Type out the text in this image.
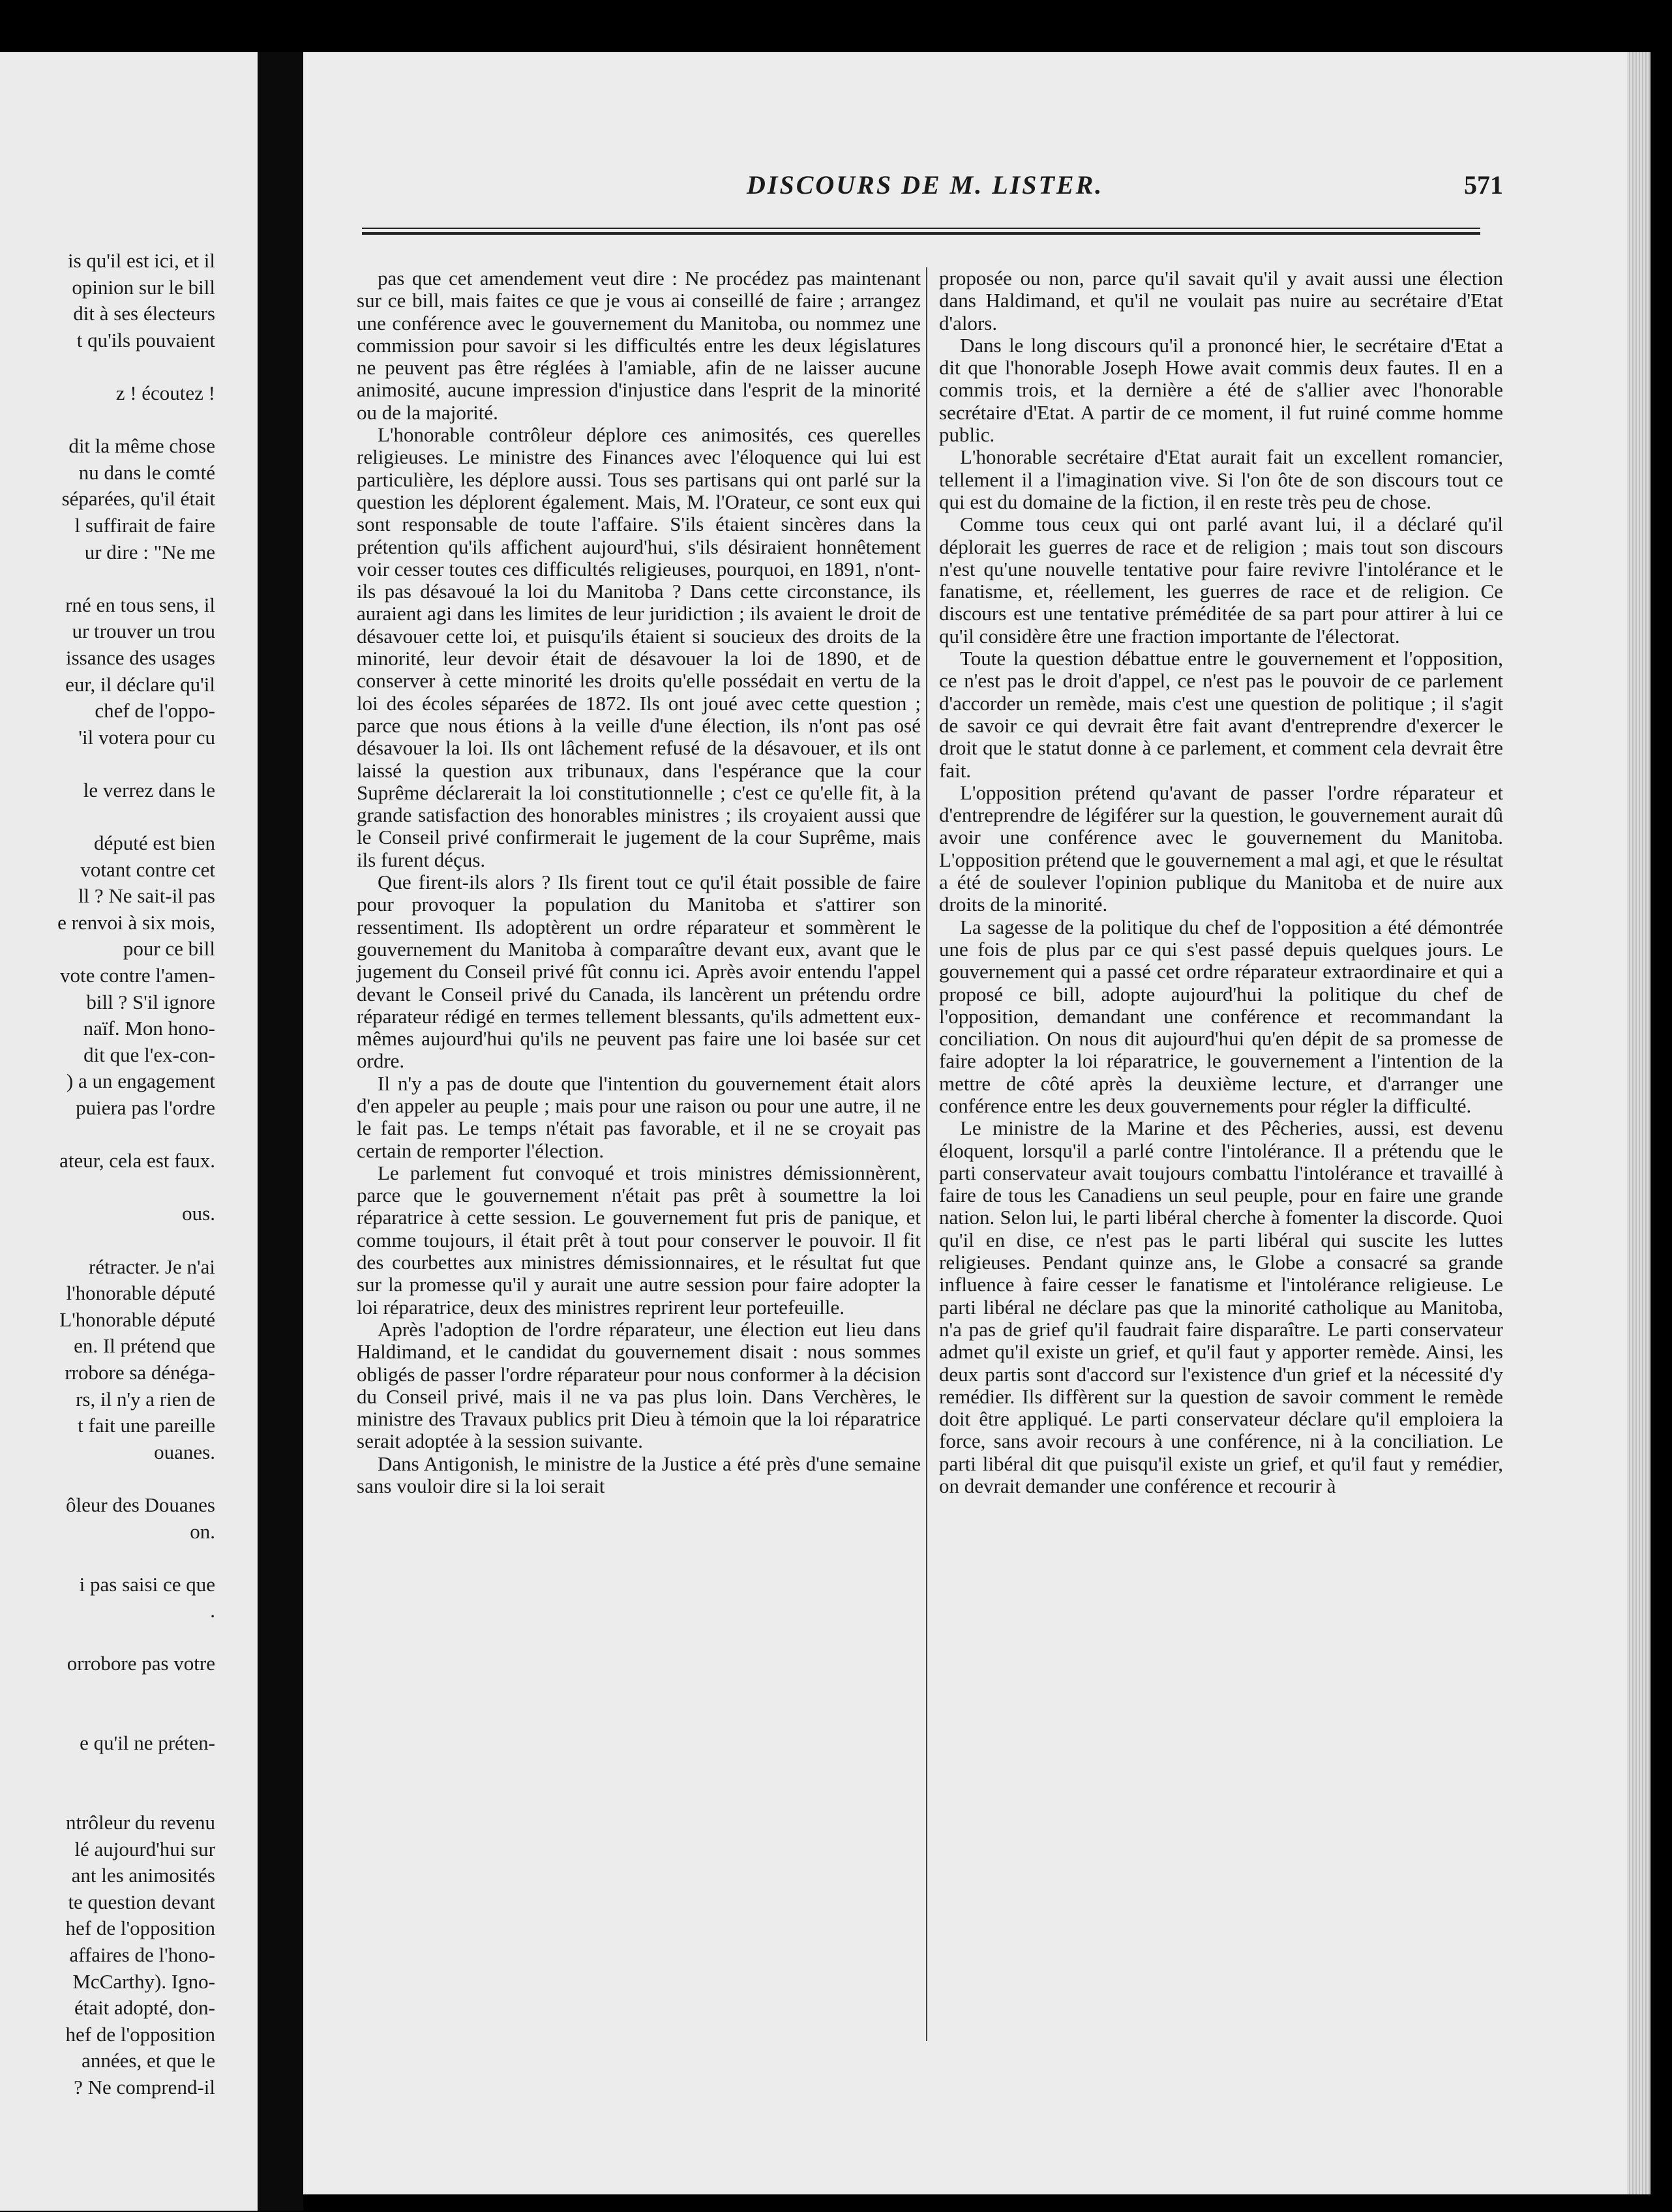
is qu'il est ici, et il
opinion sur le bill
dit à ses électeurs
t qu'ils pouvaient
z ! écoutez !
dit la même chose
nu dans le comté
séparées, qu'il était
l suffirait de faire
ur dire : "Ne me
rné en tous sens, il
ur trouver un trou
issance des usages
eur, il déclare qu'il
chef de l'oppo-
'il votera pour cu
le verrez dans le
député est bien
votant contre cet
ll ? Ne sait-il pas
e renvoi à six mois,
pour ce bill
vote contre l'amen-
bill ? S'il ignore
naïf. Mon hono-
dit que l'ex-con-
) a un engagement
puiera pas l'ordre
ateur, cela est faux.
ous.
rétracter. Je n'ai
l'honorable député
L'honorable député
en. Il prétend que
rrobore sa dénéga-
rs, il n'y a rien de
t fait une pareille
ouanes.
ôleur des Douanes
on.
i pas saisi ce que
.
orrobore pas votre
e qu'il ne préten-
ntrôleur du revenu
lé aujourd'hui sur
ant les animosités
te question devant
hef de l'opposition
affaires de l'hono-
McCarthy). Igno-
était adopté, don-
hef de l'opposition
années, et que le
? Ne comprend-il
DISCOURS DE M. LISTER.	571

pas que cet amendement veut dire : Ne procédez pas maintenant sur ce bill, mais faites ce que je vous ai conseillé de faire ; arrangez une conférence avec le gouvernement du Manitoba, ou nommez une commission pour savoir si les difficultés entre les deux législatures ne peuvent pas être réglées à l'amiable, afin de ne laisser aucune animosité, aucune impression d'injustice dans l'esprit de la minorité ou de la majorité.

L'honorable contrôleur déplore ces animosités, ces querelles religieuses. Le ministre des Finances avec l'éloquence qui lui est particulière, les déplore aussi. Tous ses partisans qui ont parlé sur la question les déplorent également. Mais, M. l'Orateur, ce sont eux qui sont responsable de toute l'affaire. S'ils étaient sincères dans la prétention qu'ils affichent aujourd'hui, s'ils désiraient honnêtement voir cesser toutes ces difficultés religieuses, pourquoi, en 1891, n'ont-ils pas désavoué la loi du Manitoba ? Dans cette circonstance, ils auraient agi dans les limites de leur juridiction ; ils avaient le droit de désavouer cette loi, et puisqu'ils étaient si soucieux des droits de la minorité, leur devoir était de désavouer la loi de 1890, et de conserver à cette minorité les droits qu'elle possédait en vertu de la loi des écoles séparées de 1872. Ils ont joué avec cette question ; parce que nous étions à la veille d'une élection, ils n'ont pas osé désavouer la loi. Ils ont lâchement refusé de la désavouer, et ils ont laissé la question aux tribunaux, dans l'espérance que la cour Suprême déclarerait la loi constitutionnelle ; c'est ce qu'elle fit, à la grande satisfaction des honorables ministres ; ils croyaient aussi que le Conseil privé confirmerait le jugement de la cour Suprême, mais ils furent déçus.

Que firent-ils alors ? Ils firent tout ce qu'il était possible de faire pour provoquer la population du Manitoba et s'attirer son ressentiment. Ils adoptèrent un ordre réparateur et sommèrent le gouvernement du Manitoba à comparaître devant eux, avant que le jugement du Conseil privé fût connu ici. Après avoir entendu l'appel devant le Conseil privé du Canada, ils lancèrent un prétendu ordre réparateur rédigé en termes tellement blessants, qu'ils admettent eux-mêmes aujourd'hui qu'ils ne peuvent pas faire une loi basée sur cet ordre.

Il n'y a pas de doute que l'intention du gouvernement était alors d'en appeler au peuple ; mais pour une raison ou pour une autre, il ne le fait pas. Le temps n'était pas favorable, et il ne se croyait pas certain de remporter l'élection.

Le parlement fut convoqué et trois ministres démissionnèrent, parce que le gouvernement n'était pas prêt à soumettre la loi réparatrice à cette session. Le gouvernement fut pris de panique, et comme toujours, il était prêt à tout pour conserver le pouvoir. Il fit des courbettes aux ministres démissionnaires, et le résultat fut que sur la promesse qu'il y aurait une autre session pour faire adopter la loi réparatrice, deux des ministres reprirent leur portefeuille.

Après l'adoption de l'ordre réparateur, une élection eut lieu dans Haldimand, et le candidat du gouvernement disait : nous sommes obligés de passer l'ordre réparateur pour nous conformer à la décision du Conseil privé, mais il ne va pas plus loin. Dans Verchères, le ministre des Travaux publics prit Dieu à témoin que la loi réparatrice serait adoptée à la session suivante.

Dans Antigonish, le ministre de la Justice a été près d'une semaine sans vouloir dire si la loi serait

proposée ou non, parce qu'il savait qu'il y avait aussi une élection dans Haldimand, et qu'il ne voulait pas nuire au secrétaire d'Etat d'alors.

Dans le long discours qu'il a prononcé hier, le secrétaire d'Etat a dit que l'honorable Joseph Howe avait commis deux fautes. Il en a commis trois, et la dernière a été de s'allier avec l'honorable secrétaire d'Etat. A partir de ce moment, il fut ruiné comme homme public.

L'honorable secrétaire d'Etat aurait fait un excellent romancier, tellement il a l'imagination vive. Si l'on ôte de son discours tout ce qui est du domaine de la fiction, il en reste très peu de chose.

Comme tous ceux qui ont parlé avant lui, il a déclaré qu'il déplorait les guerres de race et de religion ; mais tout son discours n'est qu'une nouvelle tentative pour faire revivre l'intolérance et le fanatisme, et, réellement, les guerres de race et de religion. Ce discours est une tentative préméditée de sa part pour attirer à lui ce qu'il considère être une fraction importante de l'électorat.

Toute la question débattue entre le gouvernement et l'opposition, ce n'est pas le droit d'appel, ce n'est pas le pouvoir de ce parlement d'accorder un remède, mais c'est une question de politique ; il s'agit de savoir ce qui devrait être fait avant d'entreprendre d'exercer le droit que le statut donne à ce parlement, et comment cela devrait être fait.

L'opposition prétend qu'avant de passer l'ordre réparateur et d'entreprendre de légiférer sur la question, le gouvernement aurait dû avoir une conférence avec le gouvernement du Manitoba. L'opposition prétend que le gouvernement a mal agi, et que le résultat a été de soulever l'opinion publique du Manitoba et de nuire aux droits de la minorité.

La sagesse de la politique du chef de l'opposition a été démontrée une fois de plus par ce qui s'est passé depuis quelques jours. Le gouvernement qui a passé cet ordre réparateur extraordinaire et qui a proposé ce bill, adopte aujourd'hui la politique du chef de l'opposition, demandant une conférence et recommandant la conciliation. On nous dit aujourd'hui qu'en dépit de sa promesse de faire adopter la loi réparatrice, le gouvernement a l'intention de la mettre de côté après la deuxième lecture, et d'arranger une conférence entre les deux gouvernements pour régler la difficulté.

Le ministre de la Marine et des Pêcheries, aussi, est devenu éloquent, lorsqu'il a parlé contre l'intolérance. Il a prétendu que le parti conservateur avait toujours combattu l'intolérance et travaillé à faire de tous les Canadiens un seul peuple, pour en faire une grande nation. Selon lui, le parti libéral cherche à fomenter la discorde. Quoi qu'il en dise, ce n'est pas le parti libéral qui suscite les luttes religieuses. Pendant quinze ans, le Globe a consacré sa grande influence à faire cesser le fanatisme et l'intolérance religieuse. Le parti libéral ne déclare pas que la minorité catholique au Manitoba, n'a pas de grief qu'il faudrait faire disparaître. Le parti conservateur admet qu'il existe un grief, et qu'il faut y apporter remède. Ainsi, les deux partis sont d'accord sur l'existence d'un grief et la nécessité d'y remédier. Ils diffèrent sur la question de savoir comment le remède doit être appliqué. Le parti conservateur déclare qu'il emploiera la force, sans avoir recours à une conférence, ni à la conciliation. Le parti libéral dit que puisqu'il existe un grief, et qu'il faut y remédier, on devrait demander une conférence et recourir à
